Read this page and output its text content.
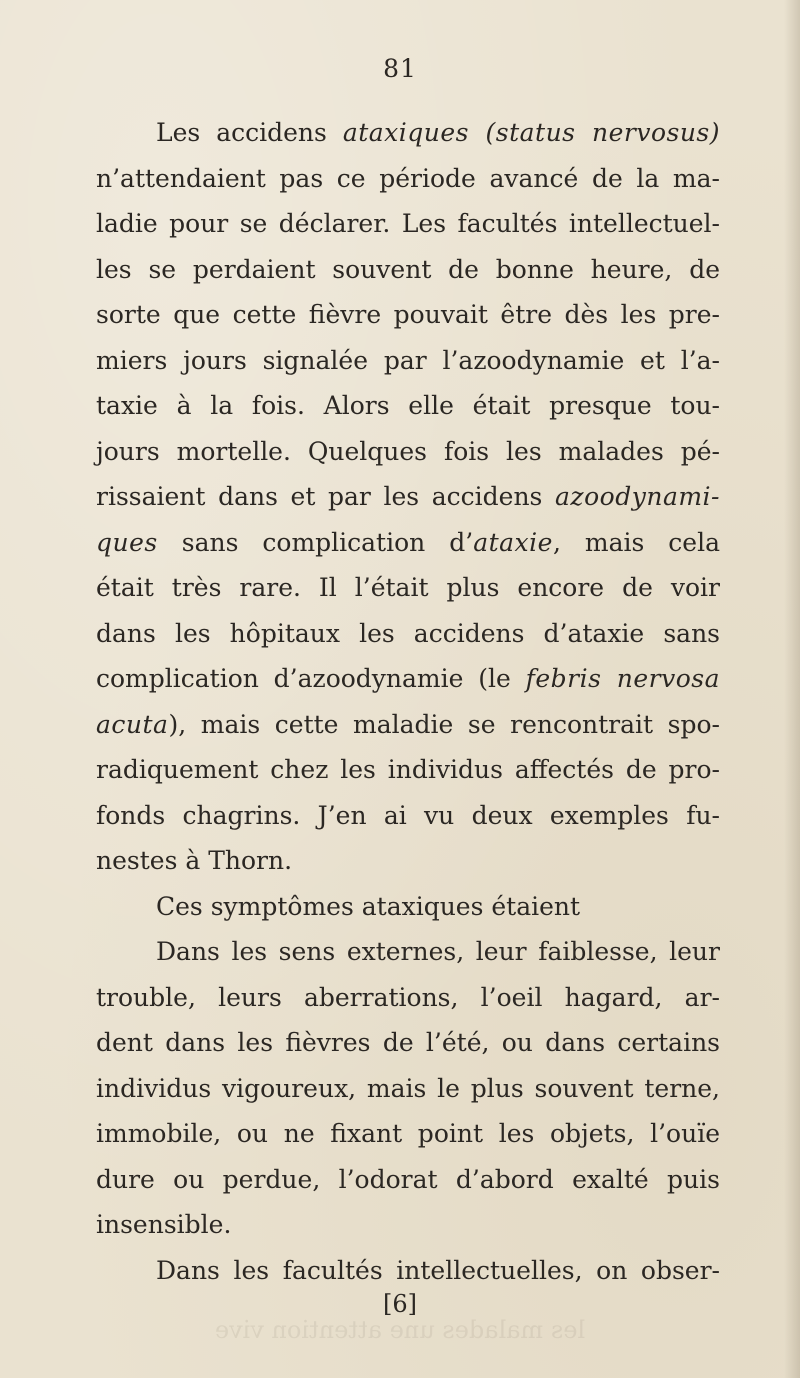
81
Les accidens ataxiques (status nervosus)
n’attendaient pas ce période avancé de la ma-
ladie pour se déclarer. Les facultés intellectuel-
les se perdaient souvent de bonne heure, de
sorte que cette fièvre pouvait être dès les pre-
miers jours signalée par l’azoodynamie et l’a-
taxie à la fois. Alors elle était presque tou-
jours mortelle. Quelques fois les malades pé-
rissaient dans et par les accidens azoodynami-
ques sans complication d’ataxie, mais cela
était très rare. Il l’était plus encore de voir
dans les hôpitaux les accidens d’ataxie sans
complication d’azoodynamie (le febris nervosa
acuta), mais cette maladie se rencontrait spo-
radiquement chez les individus affectés de pro-
fonds chagrins. J’en ai vu deux exemples fu-
nestes à Thorn.
Ces symptômes ataxiques étaient
Dans les sens externes, leur faiblesse, leur
trouble, leurs aberrations, l’oeil hagard, ar-
dent dans les fièvres de l’été, ou dans certains
individus vigoureux, mais le plus souvent terne,
immobile, ou ne fixant point les objets, l’ouïe
dure ou perdue, l’odorat d’abord exalté puis
insensible.
Dans les facultés intellectuelles, on obser-
[6]
les malades une attention vive
